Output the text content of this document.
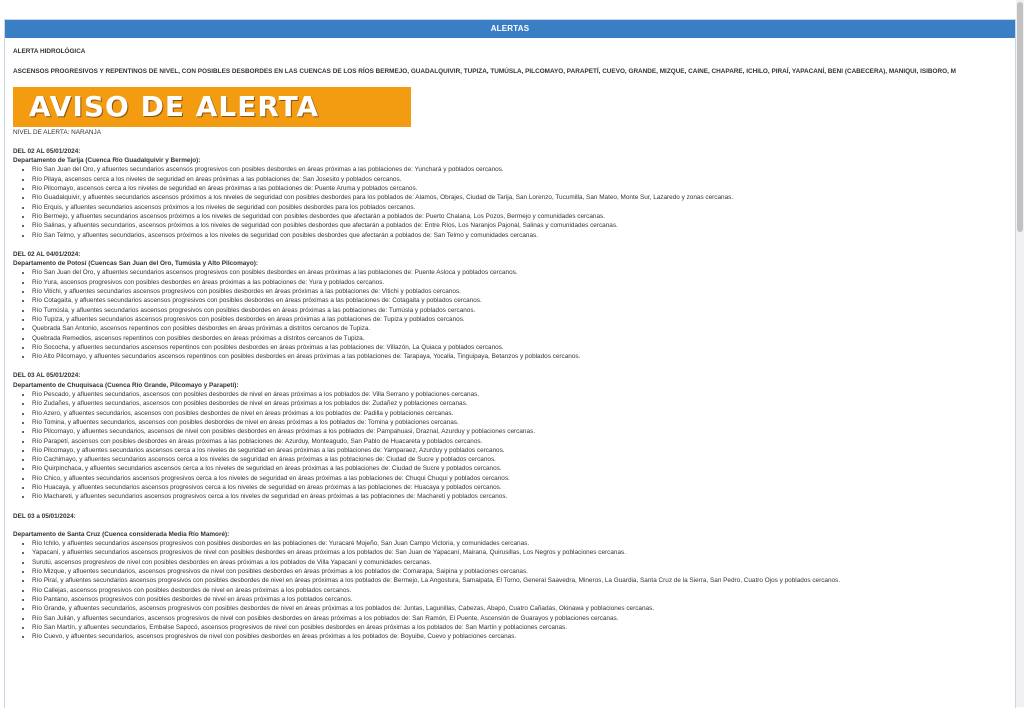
ALERTAS
ALERTA HIDROLÓGICA
ASCENSOS PROGRESIVOS Y REPENTINOS DE NIVEL, CON POSIBLES DESBORDES EN LAS CUENCAS DE LOS RÍOS BERMEJO, GUADALQUIVIR, TUPIZA, TUMÚSLA, PILCOMAYO, PARAPETÍ, CUEVO, GRANDE, MIZQUE, CAINE, CHAPARE, ICHILO, PIRAÍ, YAPACANÍ, BENI (CABECERA), MANIQUI, ISIBORO, M
AVISO DE ALERTA
NIVEL DE ALERTA: NARANJA
DEL 02 AL 05/01/2024:
Departamento de Tarija (Cuenca Río Guadalquivir y Bermejo):
• Río San Juan del Oro, y afluentes secundarios ascensos progresivos con posibles desbordes en áreas próximas a las poblaciones de: Yunchará y poblados cercanos.
• Río Pilaya, ascensos cerca a los niveles de seguridad en áreas próximas a las poblaciones de: San Josesito y poblados cercanos.
• Río Pilcomayo, ascensos cerca a los niveles de seguridad en áreas próximas a las poblaciones de: Puente Aruma y poblados cercanos.
• Río Guadalquivir, y afluentes secundarios ascensos próximos a los niveles de seguridad con posibles desbordes para los poblados de: Alamos, Obrajes, Ciudad de Tarija, San Lorenzo, Tucumilla, San Mateo, Monte Sur, Lazaredo y zonas cercanas.
• Río Erquis, y afluentes secundarios ascensos próximos a los niveles de seguridad con posibles desbordes para los poblados cercanos.
• Río Bermejo, y afluentes secundarios ascensos próximos a los niveles de seguridad con posibles desbordes que afectarán a poblados de: Puerto Chalana, Los Pozos, Bermejo y comunidades cercanas.
• Río Salinas, y afluentes secundarios, ascensos próximos a los niveles de seguridad con posibles desbordes que afectarán a poblados de: Entre Ríos, Los Naranjos Pajonal, Salinas y comunidades cercanas.
• Río San Telmo, y afluentes secundarios, ascensos próximos a los niveles de seguridad con posibles desbordes que afectarán a poblados de: San Telmo y comunidades cercanas.
DEL 02 AL 04/01/2024:
Departamento de Potosí (Cuencas San Juan del Oro, Tumúsla y Alto Pilcomayo):
• Río San Juan del Oro, y afluentes secundarios ascensos progresivos con posibles desbordes en áreas próximas a las poblaciones de: Puente Asloca y poblados cercanos.
• Río Yura, ascensos progresivos con posibles desbordes en áreas próximas a las poblaciones de: Yura y poblados cercanos.
• Río Vitichi, y afluentes secundarios ascensos progresivos con posibles desbordes en áreas próximas a las poblaciones de: Vitichi y poblados cercanos.
• Río Cotagaita, y afluentes secundarios ascensos progresivos con posibles desbordes en áreas próximas a las poblaciones de: Cotagaita y poblados cercanos.
• Río Tumúsla, y afluentes secundarios ascensos progresivos con posibles desbordes en áreas próximas a las poblaciones de: Tumúsla y poblados cercanos.
• Río Tupiza, y afluentes secundarios ascensos progresivos con posibles desbordes en áreas próximas a las poblaciones de: Tupiza y poblados cercanos.
• Quebrada San Antonio, ascensos repentinos con posibles desbordes en áreas próximas a distritos cercanos de Tupiza.
• Quebrada Remedios, ascensos repentinos con posibles desbordes en áreas próximas a distritos cercanos de Tupiza.
• Río Sococha, y afluentes secundarios ascensos repentinos con posibles desbordes en áreas próximas a las poblaciones de: Villazón, La Quiaca y poblados cercanos.
• Río Alto Pilcomayo, y afluentes secundarios ascensos repentinos con posibles desbordes en áreas próximas a las poblaciones de: Tarapaya, Yocalla, Tinguipaya, Betanzos y poblados cercanos.
DEL 03 AL 05/01/2024:
Departamento de Chuquisaca (Cuenca Río Grande, Pilcomayo y Parapetí):
• Río Pescado, y afluentes secundarios, ascensos con posibles desbordes de nivel en áreas próximas a los poblados de: Villa Serrano y poblaciones cercanas.
• Río Zudañes, y afluentes secundarios, ascensos con posibles desbordes de nivel en áreas próximas a los poblados de: Zudañez y poblaciones cercanas.
• Río Azero, y afluentes secundarios, ascensos con posibles desbordes de nivel en áreas próximas a los poblados de: Padilla y poblaciones cercanas.
• Río Tomina, y afluentes secundarios, ascensos con posibles desbordes de nivel en áreas próximas a los poblados de: Tomina y poblaciones cercanas.
• Río Pilcomayo, y afluentes secundarios, ascensos de nivel con posibles desbordes en áreas próximas a los poblados de: Pampahuasi, Draznal, Azurduy y poblaciones cercanas.
• Río Parapetí, ascensos con posibles desbordes en áreas próximas a las poblaciones de: Azurduy, Monteagudo, San Pablo de Huacareta y poblados cercanos.
• Río Pilcomayo, y afluentes secundarios ascensos cerca a los niveles de seguridad en áreas próximas a las poblaciones de: Yamparaez, Azurduy y poblados cercanos.
• Río Cachimayo, y afluentes secundarios ascensos cerca a los niveles de seguridad en áreas próximas a las poblaciones de: Ciudad de Sucre y poblados cercanos.
• Río Quirpinchaca, y afluentes secundarios ascensos cerca a los niveles de seguridad en áreas próximas a las poblaciones de: Ciudad de Sucre y poblados cercanos.
• Río Chico, y afluentes secundarios ascensos progresivos cerca a los niveles de seguridad en áreas próximas a las poblaciones de: Chuqui Chuqui y poblados cercanos.
• Río Huacaya, y afluentes secundarios ascensos progresivos cerca a los niveles de seguridad en áreas próximas a las poblaciones de: Huacaya y poblados cercanos.
• Río Machareti, y afluentes secundarios ascensos progresivos cerca a los niveles de seguridad en áreas próximas a las poblaciones de: Machareti y poblados cercanos.
DEL 03 a 05/01/2024:
Departamento de Santa Cruz (Cuenca considerada Media Río Mamoré):
• Río Ichilo, y afluentes secundarios ascensos progresivos con posibles desbordes en las poblaciones de: Yuracaré Mojeño, San Juan Campo Victoria, y comunidades cercanas.
• Yapacaní, y afluentes secundarios ascensos progresivos de nivel con posibles desbordes en áreas próximas a los poblados de: San Juan de Yapacaní, Mairana, Quirusillas, Los Negros y poblaciones cercanas.
• Surutú, ascensos progresivos de nivel con posibles desbordes en áreas próximas a los poblados de Villa Yapacaní y comunidades cercanas.
• Río Mizque, y afluentes secundarios, ascensos progresivos de nivel con posibles desbordes en áreas próximas a los poblados de: Comarapa, Saipina y poblaciones cercanas.
• Río Piraí, y afluentes secundarios ascensos progresivos con posibles desbordes de nivel en áreas próximas a los poblados de: Bermejo, La Angostura, Samaipata, El Torno, General Saavedra, Mineros, La Guardia, Santa Cruz de la Sierra, San Pedro, Cuatro Ojos y poblados cercanos.
• Río Callejas, ascensos progresivos con posibles desbordes de nivel en áreas próximas a los poblados cercanos.
• Río Pantano, ascensos progresivos con posibles desbordes de nivel en áreas próximas a los poblados cercanos.
• Río Grande, y afluentes secundarios, ascensos progresivos con posibles desbordes de nivel en áreas próximas a los poblados de: Juntas, Lagunillas, Cabezas, Abapó, Cuatro Cañadas, Okinawa y poblaciones cercanas.
• Río San Julián, y afluentes secundarios, ascensos progresivos de nivel con posibles desbordes en áreas próximas a los poblados de: San Ramón, El Puente, Ascensión de Guarayos y poblaciones cercanas.
• Río San Martín, y afluentes secundarios, Embalse Sapocó, ascensos progresivos de nivel con posibles desbordes en áreas próximas a los poblados de: San Martín y poblaciones cercanas.
• Río Cuevo, y afluentes secundarios, ascensos progresivos de nivel con posibles desbordes en áreas próximas a los poblados de: Boyuibe, Cuevo y poblaciones cercanas.
